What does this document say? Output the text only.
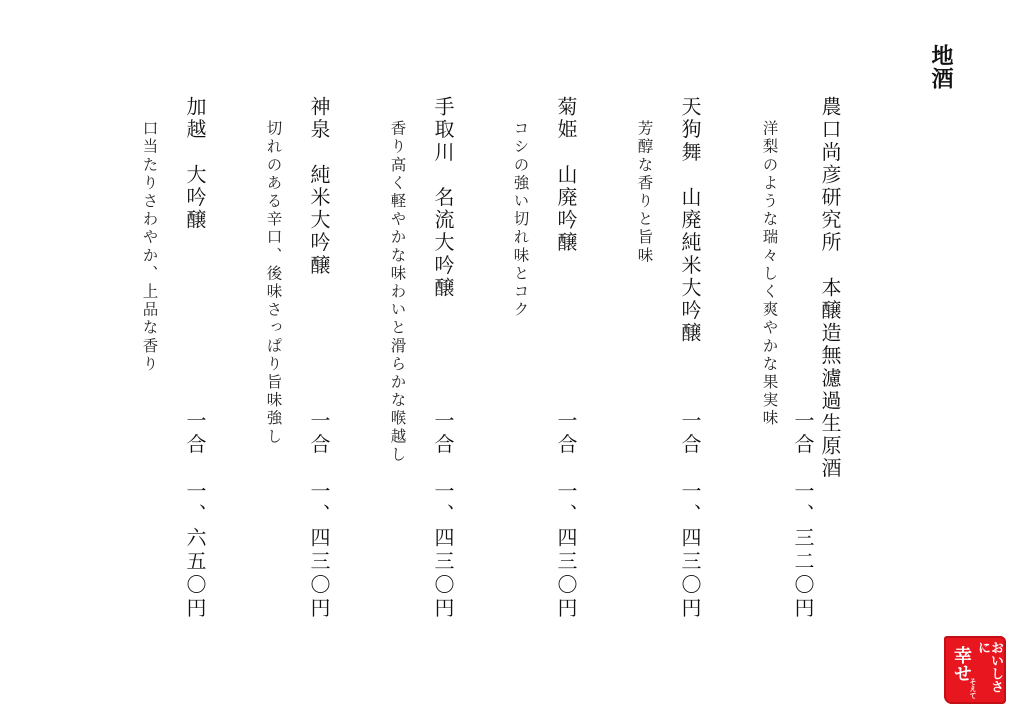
地酒
農口尚彦研究所　本醸造無濾過生原酒
洋梨のような瑞々しく爽やかな果実味
一合　一、三二〇円
天狗舞　山廃純米大吟醸
芳醇な香りと旨味
一合　一、四三〇円
菊姫　山廃吟醸
コシの強い切れ味とコク
一合　一、四三〇円
手取川　名流大吟醸
香り高く軽やかな味わいと滑らかな喉越し
一合　一、四三〇円
神泉　純米大吟醸
切れのある辛口、後味さっぱり旨味強し
一合　一、四三〇円
加越　大吟醸
口当たりさわやか、上品な香り
一合　一、六五〇円
おいしさに
幸せ
そえて
